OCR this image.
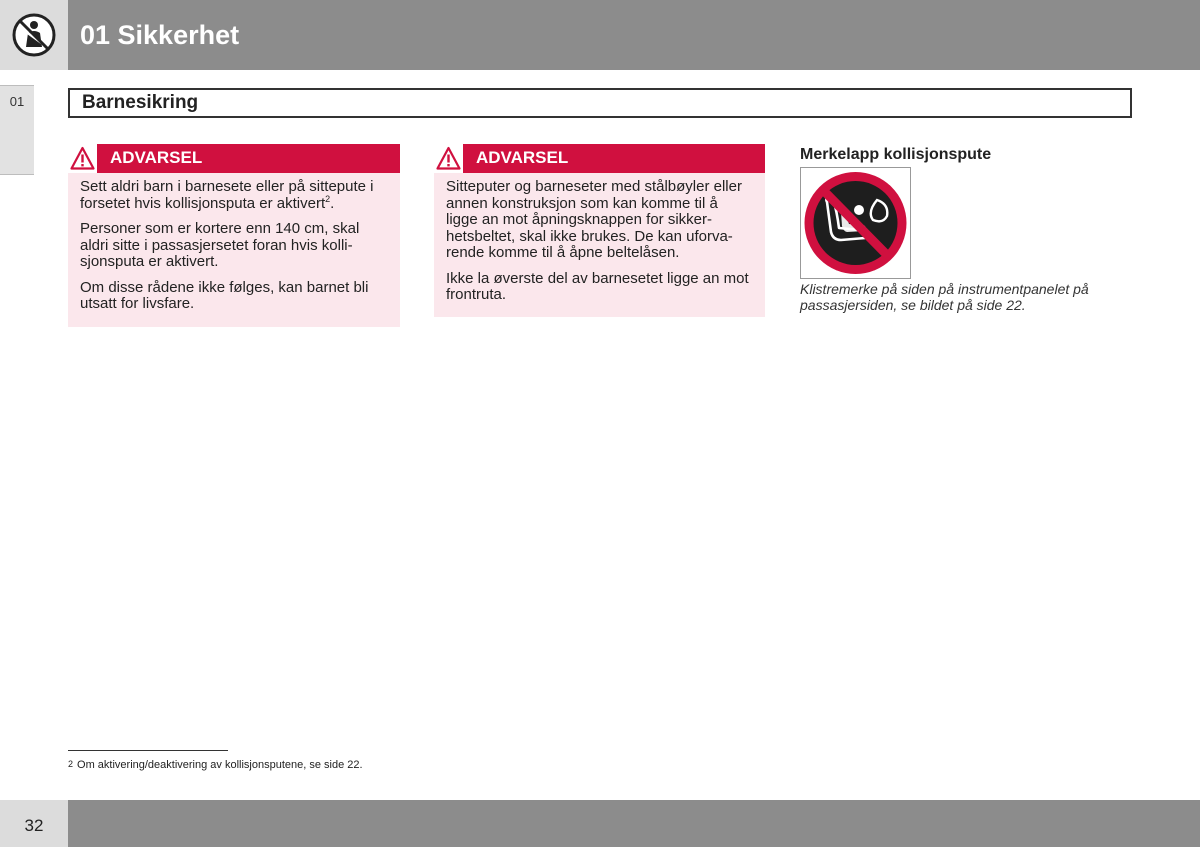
01 Sikkerhet
01	Barnesikring
ADVARSEL

Sett aldri barn i barnesete eller på sittepute i forsetet hvis kollisjonsputa er aktivert$^2$.

Personer som er kortere enn 140 cm, skal aldri sitte i passasjersetet foran hvis kolli-sjonsputa er aktivert.

Om disse rådene ikke følges, kan barnet bli utsatt for livsfare.

ADVARSEL

Sitteputer og barneseter med stålbøyler eller annen konstruksjon som kan komme til å ligge an mot åpningsknappen for sikker-hetsbeltet, skal ikke brukes. De kan uforva-rende komme til å åpne beltelåsen.

Ikke la øverste del av barnesetet ligge an mot frontruta.

Merkelapp kollisjonspute
Klistremerke på siden på instrumentpanelet på passasjersiden, se bildet på side 22.
$^2$ Om aktivering/deaktivering av kollisjonsputene, se side 22.
32
